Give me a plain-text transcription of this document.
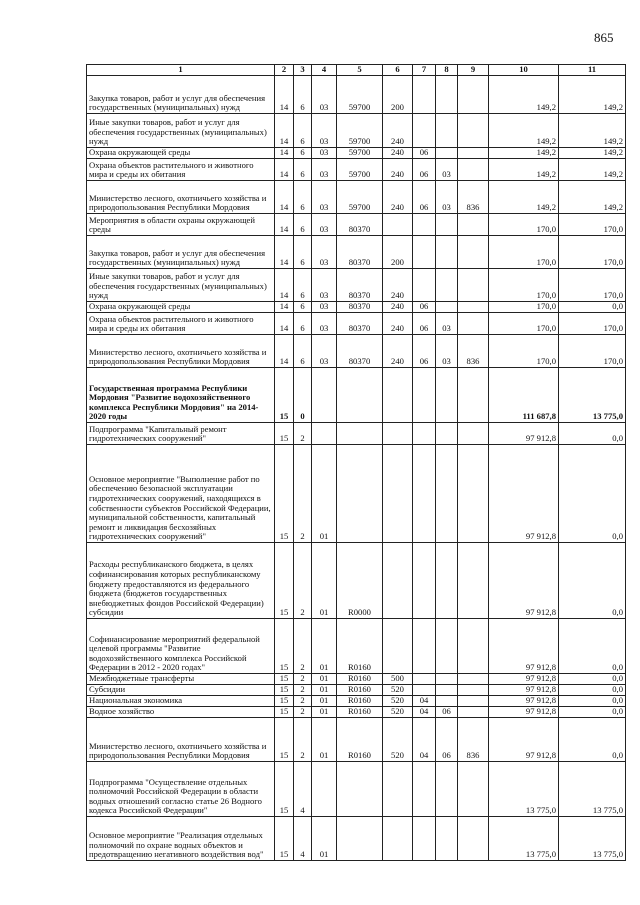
865
1	2	3	4	5	6	7	8	9	10	11
Закупка товаров, работ и услуг для обеспечения государственных (муниципальных) нужд	14	6	03	59700	200				149,2	149,2
Иные закупки товаров, работ и услуг для обеспечения государственных (муниципальных) нужд	14	6	03	59700	240				149,2	149,2
Охрана окружающей среды	14	6	03	59700	240	06			149,2	149,2
Охрана объектов растительного и животного мира и среды их обитания	14	6	03	59700	240	06	03		149,2	149,2
Министерство лесного, охотничьего хозяйства и природопользования Республики Мордовия	14	6	03	59700	240	06	03	836	149,2	149,2
Мероприятия в области охраны окружающей среды	14	6	03	80370					170,0	170,0
Закупка товаров, работ и услуг для обеспечения государственных (муниципальных) нужд	14	6	03	80370	200				170,0	170,0
Иные закупки товаров, работ и услуг для обеспечения государственных (муниципальных) нужд	14	6	03	80370	240				170,0	170,0
Охрана окружающей среды	14	6	03	80370	240	06			170,0	0,0
Охрана объектов растительного и животного мира и среды их обитания	14	6	03	80370	240	06	03		170,0	170,0
Министерство лесного, охотничьего хозяйства и природопользования Республики Мордовия	14	6	03	80370	240	06	03	836	170,0	170,0
Государственная программа Республики Мордовия "Развитие водохозяйственного комплекса Республики Мордовия" на 2014-2020 годы	15	0							111 687,8	13 775,0
Подпрограмма "Капитальный ремонт гидротехнических сооружений"	15	2							97 912,8	0,0
Основное мероприятие "Выполнение работ по обеспечению безопасной эксплуатации гидротехнических сооружений, находящихся в собственности субъектов Российской Федерации, муниципальной собственности, капитальный ремонт и ликвидация бесхозяйных гидротехнических сооружений"	15	2	01						97 912,8	0,0
Расходы республиканского бюджета, в целях софинансирования которых республиканскому бюджету предоставляются из федерального бюджета (бюджетов государственных внебюджетных фондов Российской Федерации) субсидии	15	2	01	R0000					97 912,8	0,0
Софинансирование мероприятий федеральной целевой программы "Развитие водохозяйственного комплекса Российской Федерации в 2012 - 2020 годах"	15	2	01	R0160					97 912,8	0,0
Межбюджетные трансферты	15	2	01	R0160	500				97 912,8	0,0
Субсидии	15	2	01	R0160	520				97 912,8	0,0
Национальная экономика	15	2	01	R0160	520	04			97 912,8	0,0
Водное хозяйство	15	2	01	R0160	520	04	06		97 912,8	0,0
Министерство лесного, охотничьего хозяйства и природопользования Республики Мордовия	15	2	01	R0160	520	04	06	836	97 912,8	0,0
Подпрограмма "Осуществление отдельных полномочий Российской Федерации в области водных отношений согласно статье 26 Водного кодекса Российской Федерации"	15	4							13 775,0	13 775,0
Основное мероприятие "Реализация отдельных полномочий по охране водных объектов и предотвращению негативного воздействия вод"	15	4	01						13 775,0	13 775,0
